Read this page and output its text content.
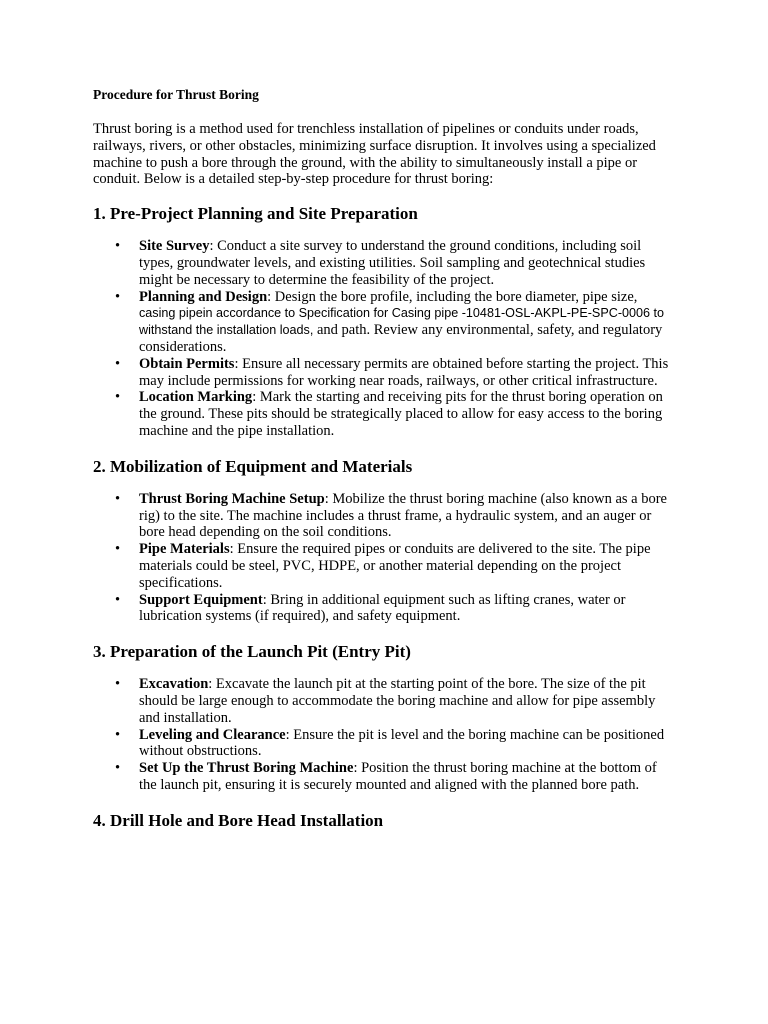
Procedure for Thrust Boring

Thrust boring is a method used for trenchless installation of pipelines or conduits under roads, railways, rivers, or other obstacles, minimizing surface disruption. It involves using a specialized machine to push a bore through the ground, with the ability to simultaneously install a pipe or conduit. Below is a detailed step-by-step procedure for thrust boring:

1. Pre-Project Planning and Site Preparation
• Site Survey: Conduct a site survey to understand the ground conditions, including soil types, groundwater levels, and existing utilities. Soil sampling and geotechnical studies might be necessary to determine the feasibility of the project.
• Planning and Design: Design the bore profile, including the bore diameter, pipe size, casing pipein accordance to Specification for Casing pipe -10481-OSL-AKPL-PE-SPC-0006 to withstand the installation loads, and path. Review any environmental, safety, and regulatory considerations.
• Obtain Permits: Ensure all necessary permits are obtained before starting the project. This may include permissions for working near roads, railways, or other critical infrastructure.
• Location Marking: Mark the starting and receiving pits for the thrust boring operation on the ground. These pits should be strategically placed to allow for easy access to the boring machine and the pipe installation.
2. Mobilization of Equipment and Materials
• Thrust Boring Machine Setup: Mobilize the thrust boring machine (also known as a bore rig) to the site. The machine includes a thrust frame, a hydraulic system, and an auger or bore head depending on the soil conditions.
• Pipe Materials: Ensure the required pipes or conduits are delivered to the site. The pipe materials could be steel, PVC, HDPE, or another material depending on the project specifications.
• Support Equipment: Bring in additional equipment such as lifting cranes, water or lubrication systems (if required), and safety equipment.
3. Preparation of the Launch Pit (Entry Pit)
• Excavation: Excavate the launch pit at the starting point of the bore. The size of the pit should be large enough to accommodate the boring machine and allow for pipe assembly and installation.
• Leveling and Clearance: Ensure the pit is level and the boring machine can be positioned without obstructions.
• Set Up the Thrust Boring Machine: Position the thrust boring machine at the bottom of the launch pit, ensuring it is securely mounted and aligned with the planned bore path.
4. Drill Hole and Bore Head Installation
